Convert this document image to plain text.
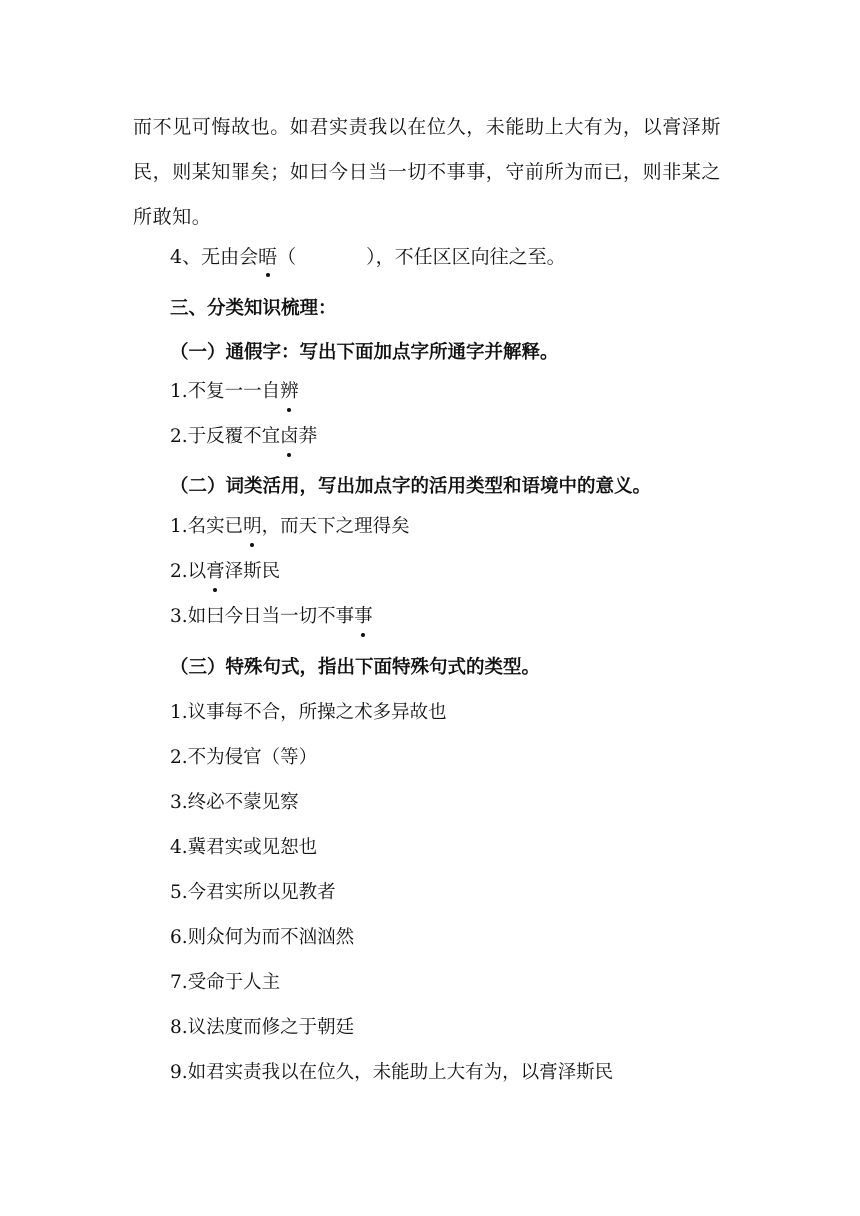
而不见可悔故也。如君实责我以在位久，未能助上大有为，以膏泽斯
民，则某知罪矣；如曰今日当一切不事事，守前所为而已，则非某之
所敢知。
4、无由会晤（	），不任区区向往之至。
三、分类知识梳理：
（一）通假字：写出下面加点字所通字并解释。
1.不复一一自辨
2.于反覆不宜卤莽
（二）词类活用，写出加点字的活用类型和语境中的意义。
1.名实已明，而天下之理得矣
2.以膏泽斯民
3.如曰今日当一切不事事
（三）特殊句式，指出下面特殊句式的类型。
1.议事每不合，所操之术多异故也
2.不为侵官（等）
3.终必不蒙见察
4.冀君实或见恕也
5.今君实所以见教者
6.则众何为而不汹汹然
7.受命于人主
8.议法度而修之于朝廷
9.如君实责我以在位久，未能助上大有为，以膏泽斯民
